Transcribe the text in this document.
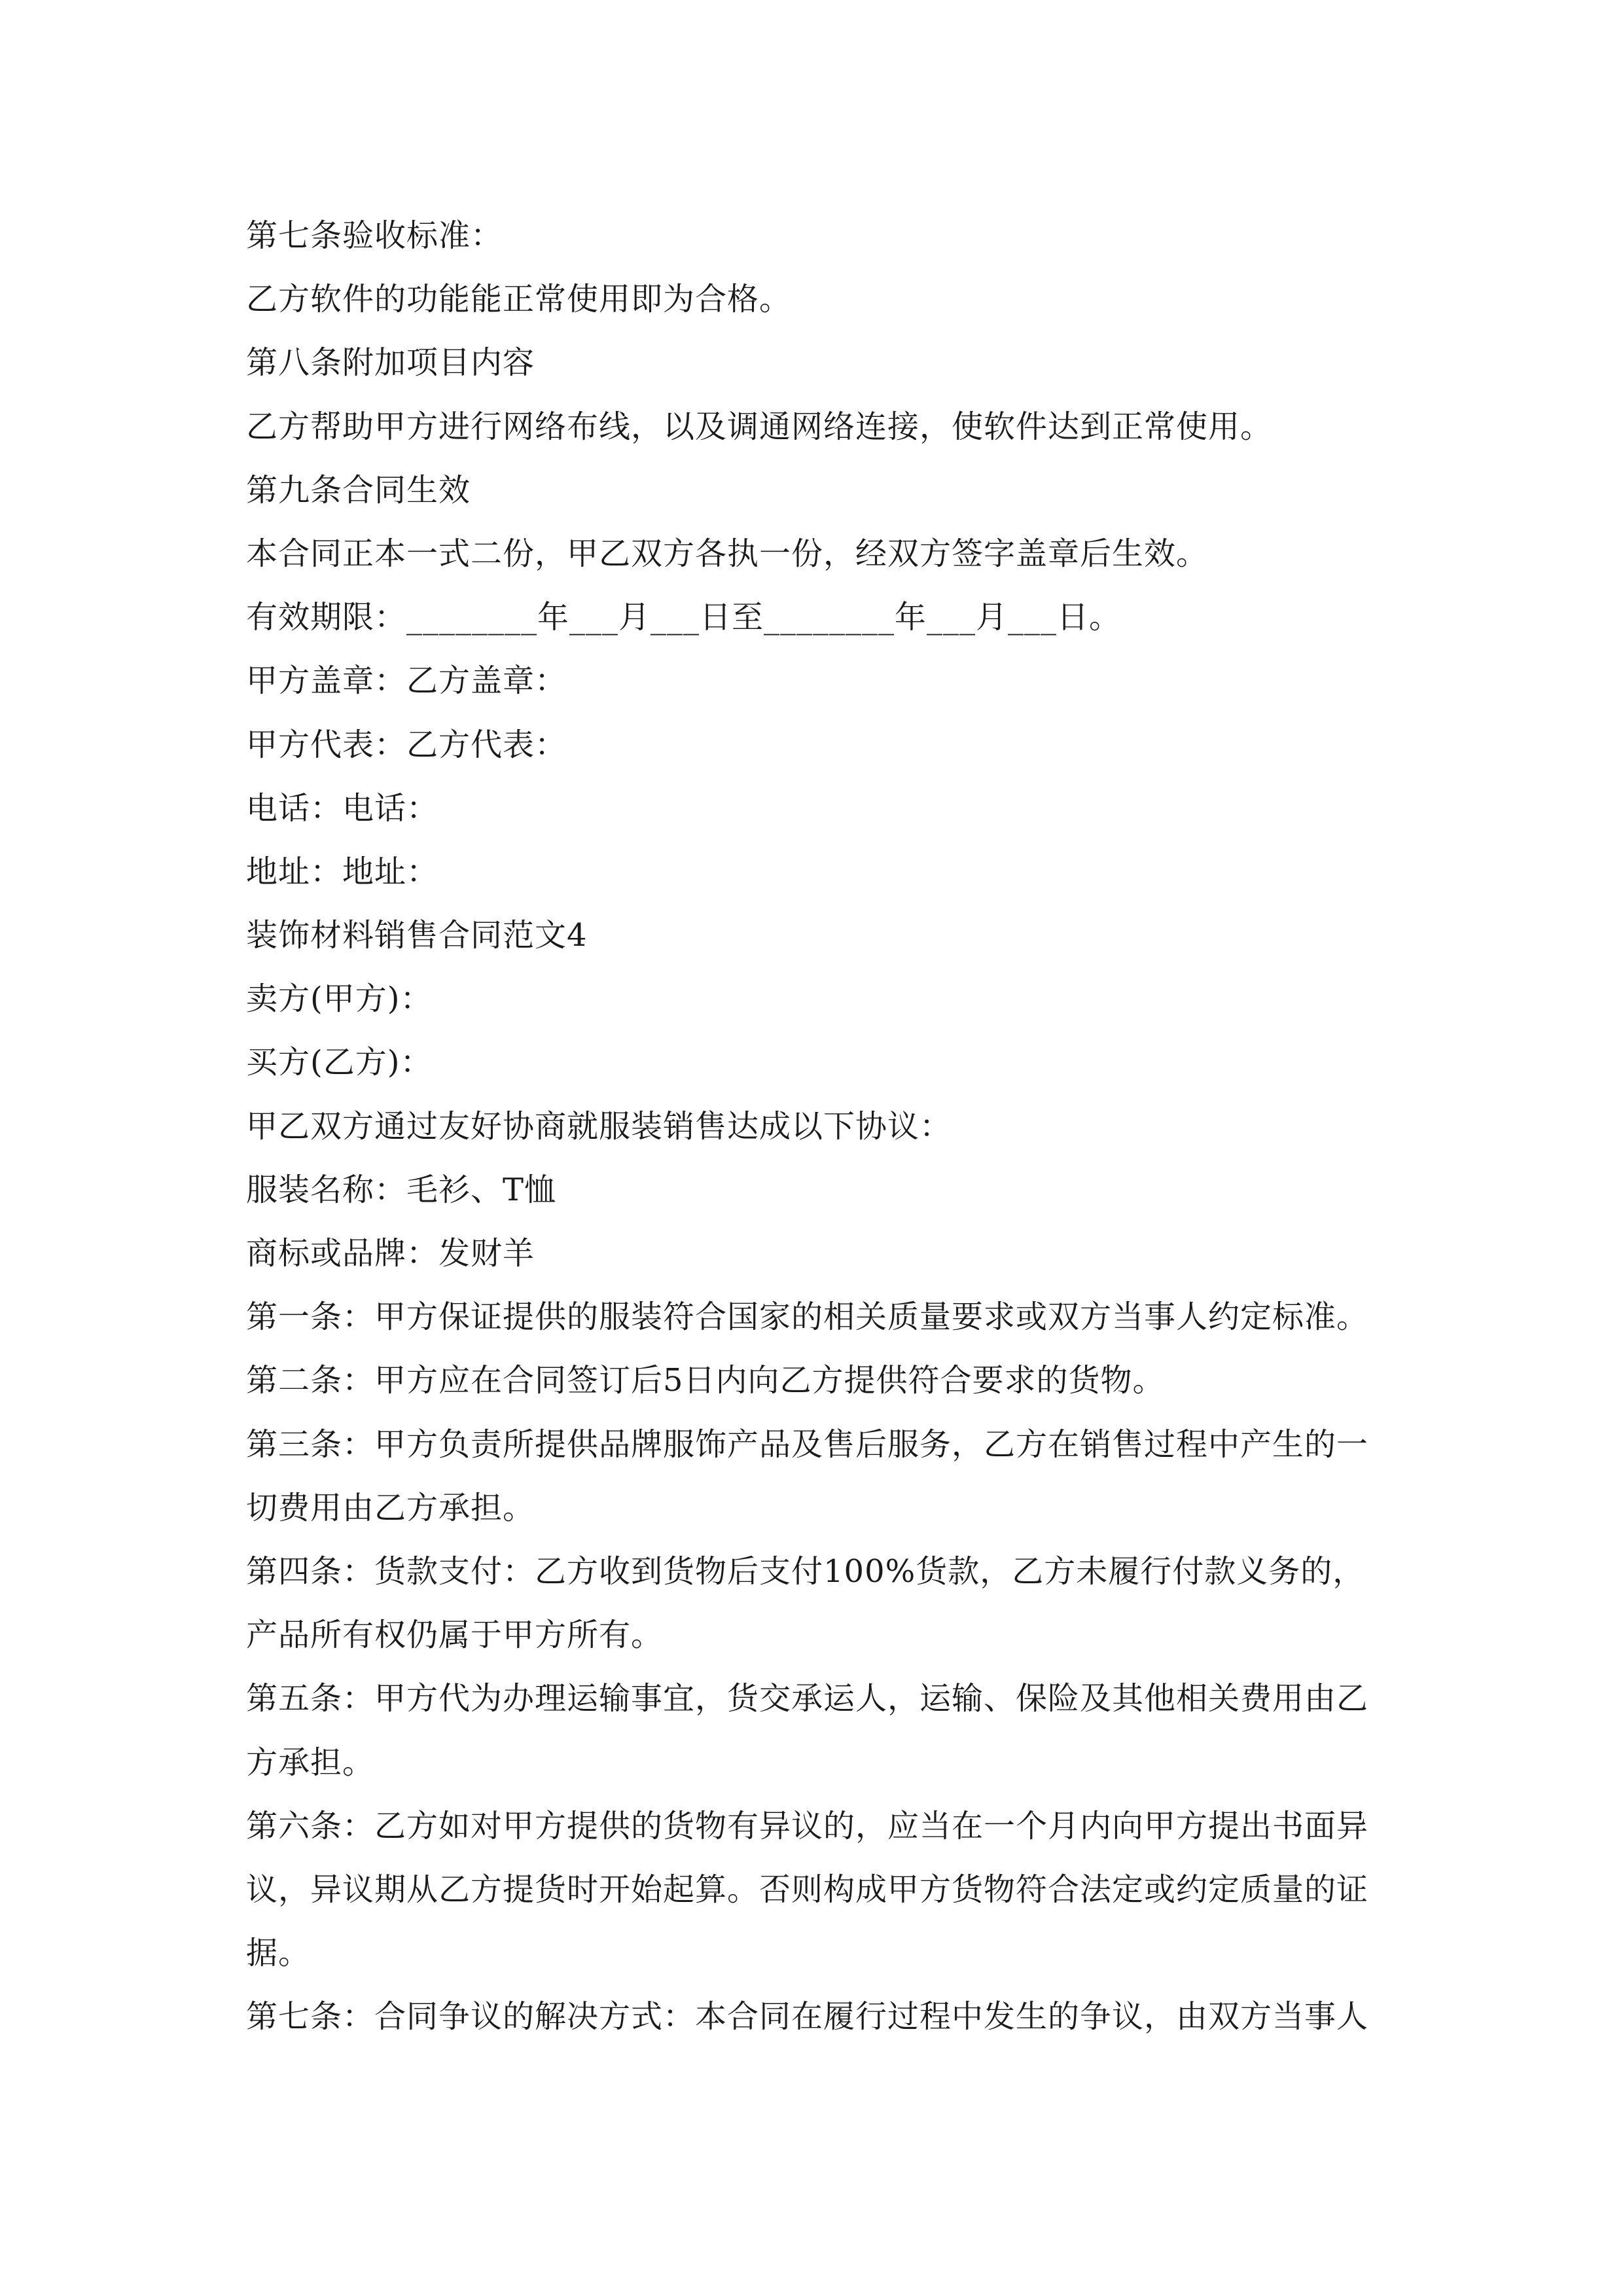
第七条验收标准：
乙方软件的功能能正常使用即为合格。
第八条附加项目内容
乙方帮助甲方进行网络布线，以及调通网络连接，使软件达到正常使用。
第九条合同生效
本合同正本一式二份，甲乙双方各执一份，经双方签字盖章后生效。
有效期限：________年___月___日至________年___月___日。
甲方盖章：乙方盖章：
甲方代表：乙方代表：
电话：电话：
地址：地址：
装饰材料销售合同范文4
卖方(甲方)：
买方(乙方)：
甲乙双方通过友好协商就服装销售达成以下协议：
服装名称：毛衫、T恤
商标或品牌：发财羊
第一条：甲方保证提供的服装符合国家的相关质量要求或双方当事人约定标准。
第二条：甲方应在合同签订后5日内向乙方提供符合要求的货物。
第三条：甲方负责所提供品牌服饰产品及售后服务，乙方在销售过程中产生的一
切费用由乙方承担。
第四条：货款支付：乙方收到货物后支付100%货款，乙方未履行付款义务的，
产品所有权仍属于甲方所有。
第五条：甲方代为办理运输事宜，货交承运人，运输、保险及其他相关费用由乙
方承担。
第六条：乙方如对甲方提供的货物有异议的，应当在一个月内向甲方提出书面异
议，异议期从乙方提货时开始起算。否则构成甲方货物符合法定或约定质量的证
据。
第七条：合同争议的解决方式：本合同在履行过程中发生的争议，由双方当事人
